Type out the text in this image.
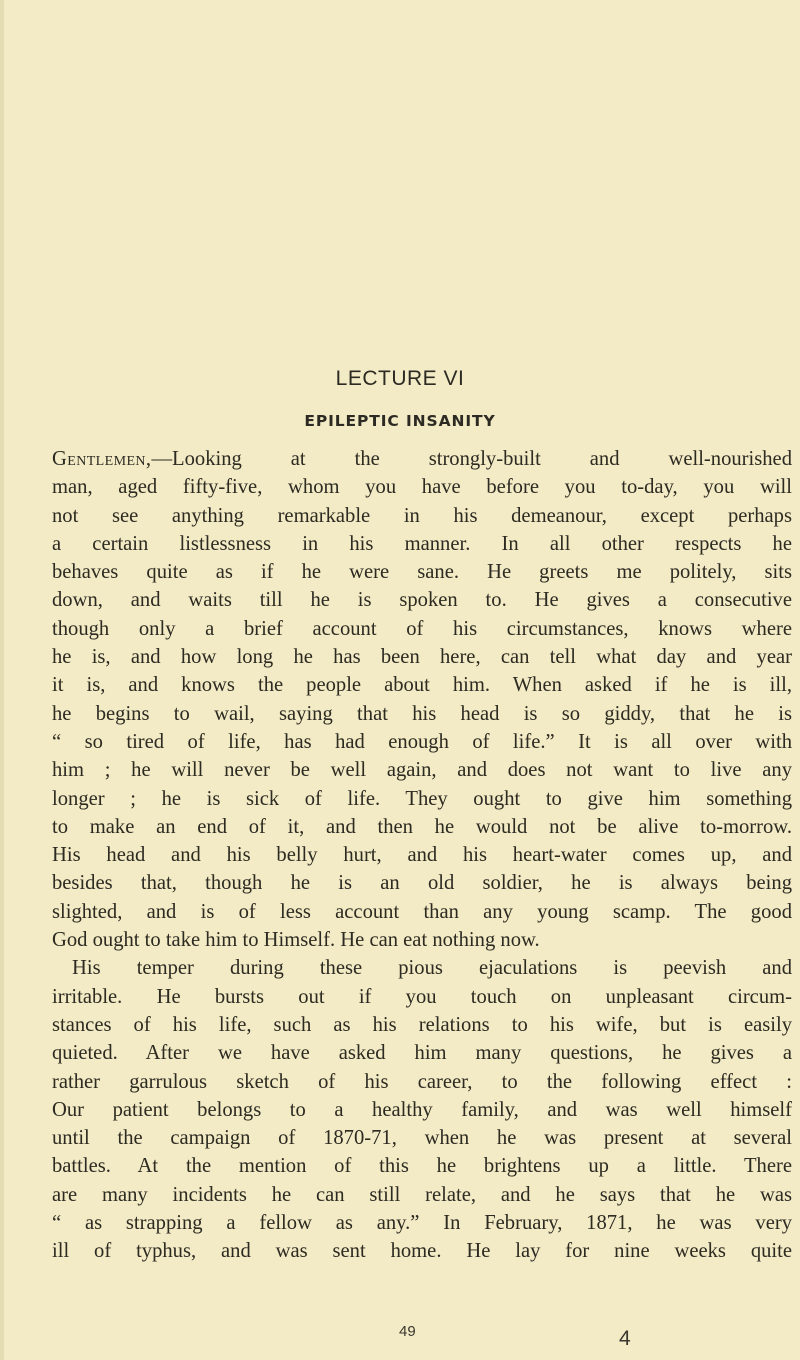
LECTURE VI
EPILEPTIC INSANITY
Gentlemen,—Looking at the strongly-built and well-nourished
man, aged fifty-five, whom you have before you to-day, you will
not see anything remarkable in his demeanour, except perhaps
a certain listlessness in his manner. In all other respects he
behaves quite as if he were sane. He greets me politely, sits
down, and waits till he is spoken to. He gives a consecutive
though only a brief account of his circumstances, knows where
he is, and how long he has been here, can tell what day and year
it is, and knows the people about him. When asked if he is ill,
he begins to wail, saying that his head is so giddy, that he is
“ so tired of life, has had enough of life.” It is all over with
him ; he will never be well again, and does not want to live any
longer ; he is sick of life. They ought to give him something
to make an end of it, and then he would not be alive to-morrow.
His head and his belly hurt, and his heart-water comes up, and
besides that, though he is an old soldier, he is always being
slighted, and is of less account than any young scamp. The good
God ought to take him to Himself. He can eat nothing now.
His temper during these pious ejaculations is peevish and
irritable. He bursts out if you touch on unpleasant circum-
stances of his life, such as his relations to his wife, but is easily
quieted. After we have asked him many questions, he gives a
rather garrulous sketch of his career, to the following effect :
Our patient belongs to a healthy family, and was well himself
until the campaign of 1870-71, when he was present at several
battles. At the mention of this he brightens up a little. There
are many incidents he can still relate, and he says that he was
“ as strapping a fellow as any.” In February, 1871, he was very
ill of typhus, and was sent home. He lay for nine weeks quite
49	4
